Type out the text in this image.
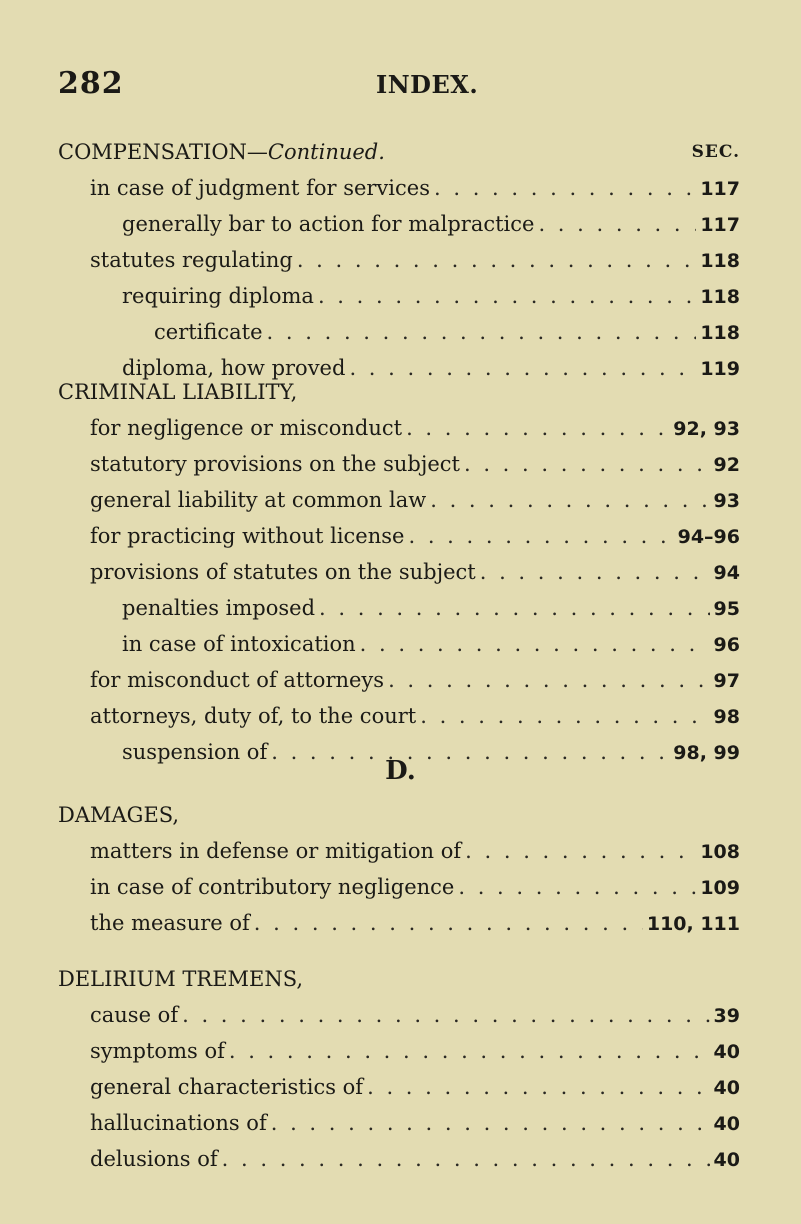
282	INDEX.
COMPENSATION—Continued.	SEC.
in case of judgment for services . . .	117
generally bar to action for malpractice . . .	117
statutes regulating . . .	118
requiring diploma . . .	118
certificate . . .	118
diploma, how proved . . .	119
CRIMINAL LIABILITY,
for negligence or misconduct . . .	92, 93
statutory provisions on the subject . . .	92
general liability at common law . . .	93
for practicing without license . . .	94–96
provisions of statutes on the subject . . .	94
penalties imposed . . .	95
in case of intoxication . . .	96
for misconduct of attorneys . . .	97
attorneys, duty of, to the court . . .	98
suspension of . . .	98, 99
D.
DAMAGES,
matters in defense or mitigation of . . .	108
in case of contributory negligence . . .	109
the measure of . . .	110, 111
DELIRIUM TREMENS,
cause of . . .	39
symptoms of . . .	40
general characteristics of . . .	40
hallucinations of . . .	40
delusions of . . .	40
